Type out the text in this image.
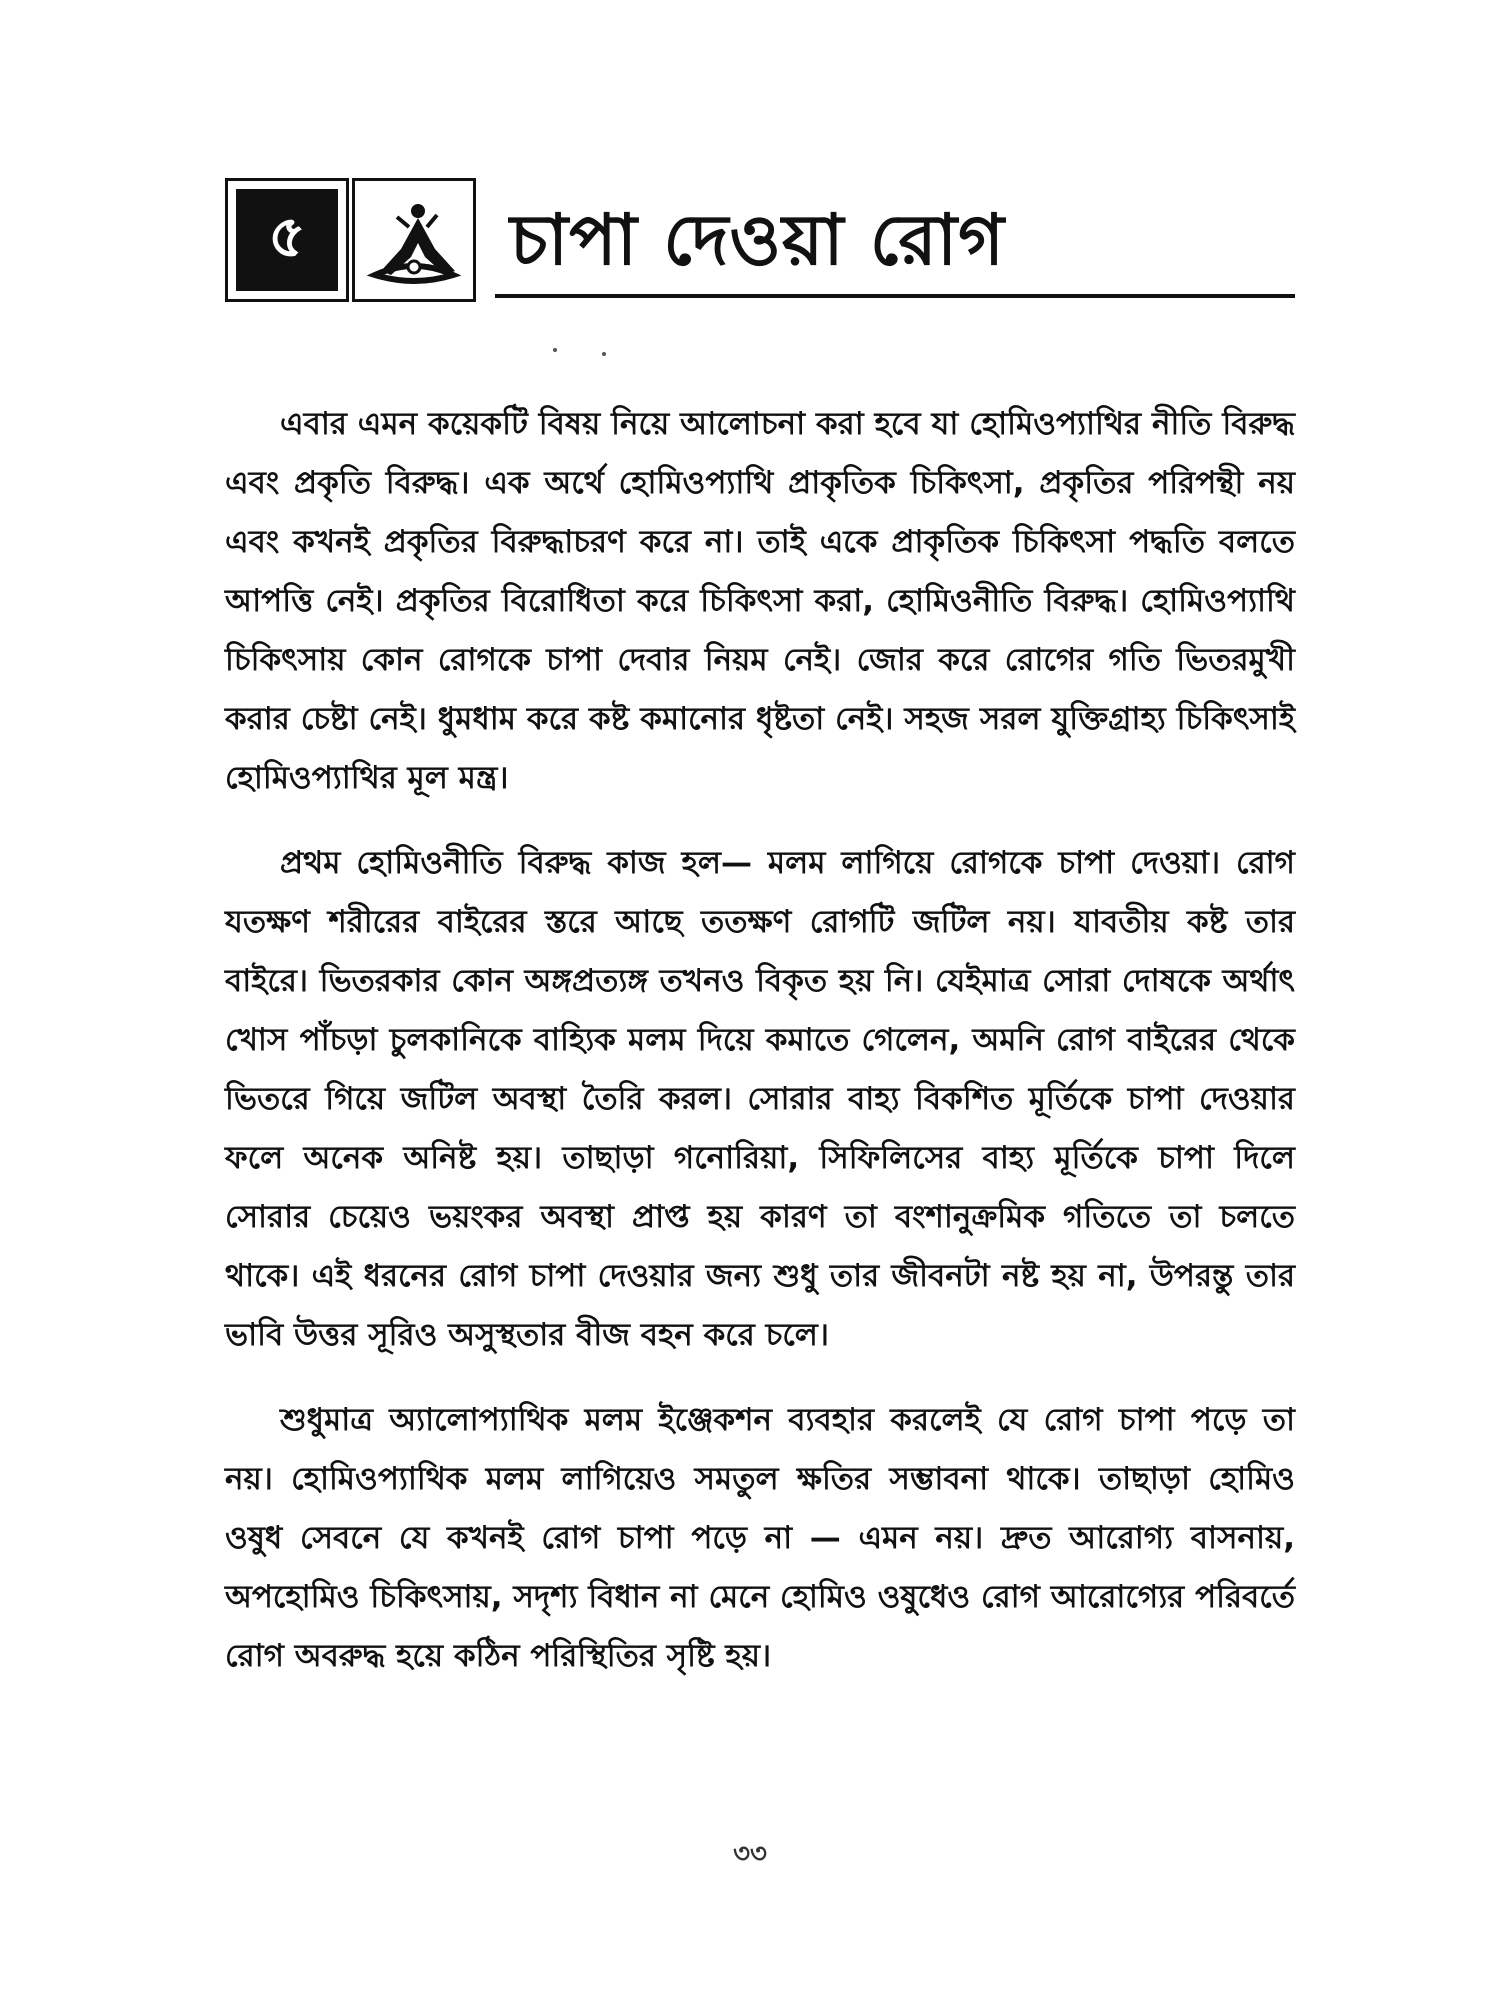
৫	চাপা দেওয়া রোগ

এবার এমন কয়েকটি বিষয় নিয়ে আলোচনা করা হবে যা হোমিওপ্যাথির নীতি বিরুদ্ধ এবং প্রকৃতি বিরুদ্ধ। এক অর্থে হোমিওপ্যাথি প্রাকৃতিক চিকিৎসা, প্রকৃতির পরিপন্থী নয় এবং কখনই প্রকৃতির বিরুদ্ধাচরণ করে না। তাই একে প্রাকৃতিক চিকিৎসা পদ্ধতি বলতে আপত্তি নেই। প্রকৃতির বিরোধিতা করে চিকিৎসা করা, হোমিওনীতি বিরুদ্ধ। হোমিওপ্যাথি চিকিৎসায় কোন রোগকে চাপা দেবার নিয়ম নেই। জোর করে রোগের গতি ভিতরমুখী করার চেষ্টা নেই। ধুমধাম করে কষ্ট কমানোর ধৃষ্টতা নেই। সহজ সরল যুক্তিগ্রাহ্য চিকিৎসাই হোমিওপ্যাথির মূল মন্ত্র।

প্রথম হোমিওনীতি বিরুদ্ধ কাজ হল— মলম লাগিয়ে রোগকে চাপা দেওয়া। রোগ যতক্ষণ শরীরের বাইরের স্তরে আছে ততক্ষণ রোগটি জটিল নয়। যাবতীয় কষ্ট তার বাইরে। ভিতরকার কোন অঙ্গপ্রত্যঙ্গ তখনও বিকৃত হয় নি। যেইমাত্র সোরা দোষকে অর্থাৎ খোস পাঁচড়া চুলকানিকে বাহ্যিক মলম দিয়ে কমাতে গেলেন, অমনি রোগ বাইরের থেকে ভিতরে গিয়ে জটিল অবস্থা তৈরি করল। সোরার বাহ্য বিকশিত মূর্তিকে চাপা দেওয়ার ফলে অনেক অনিষ্ট হয়। তাছাড়া গনোরিয়া, সিফিলিসের বাহ্য মূর্তিকে চাপা দিলে সোরার চেয়েও ভয়ংকর অবস্থা প্রাপ্ত হয় কারণ তা বংশানুক্রমিক গতিতে তা চলতে থাকে। এই ধরনের রোগ চাপা দেওয়ার জন্য শুধু তার জীবনটা নষ্ট হয় না, উপরন্তু তার ভাবি উত্তর সূরিও অসুস্থতার বীজ বহন করে চলে।

শুধুমাত্র অ্যালোপ্যাথিক মলম ইঞ্জেকশন ব্যবহার করলেই যে রোগ চাপা পড়ে তা নয়। হোমিওপ্যাথিক মলম লাগিয়েও সমতুল ক্ষতির সম্ভাবনা থাকে। তাছাড়া হোমিও ওষুধ সেবনে যে কখনই রোগ চাপা পড়ে না — এমন নয়। দ্রুত আরোগ্য বাসনায়, অপহোমিও চিকিৎসায়, সদৃশ্য বিধান না মেনে হোমিও ওষুধেও রোগ আরোগ্যের পরিবর্তে রোগ অবরুদ্ধ হয়ে কঠিন পরিস্থিতির সৃষ্টি হয়।

৩৩
